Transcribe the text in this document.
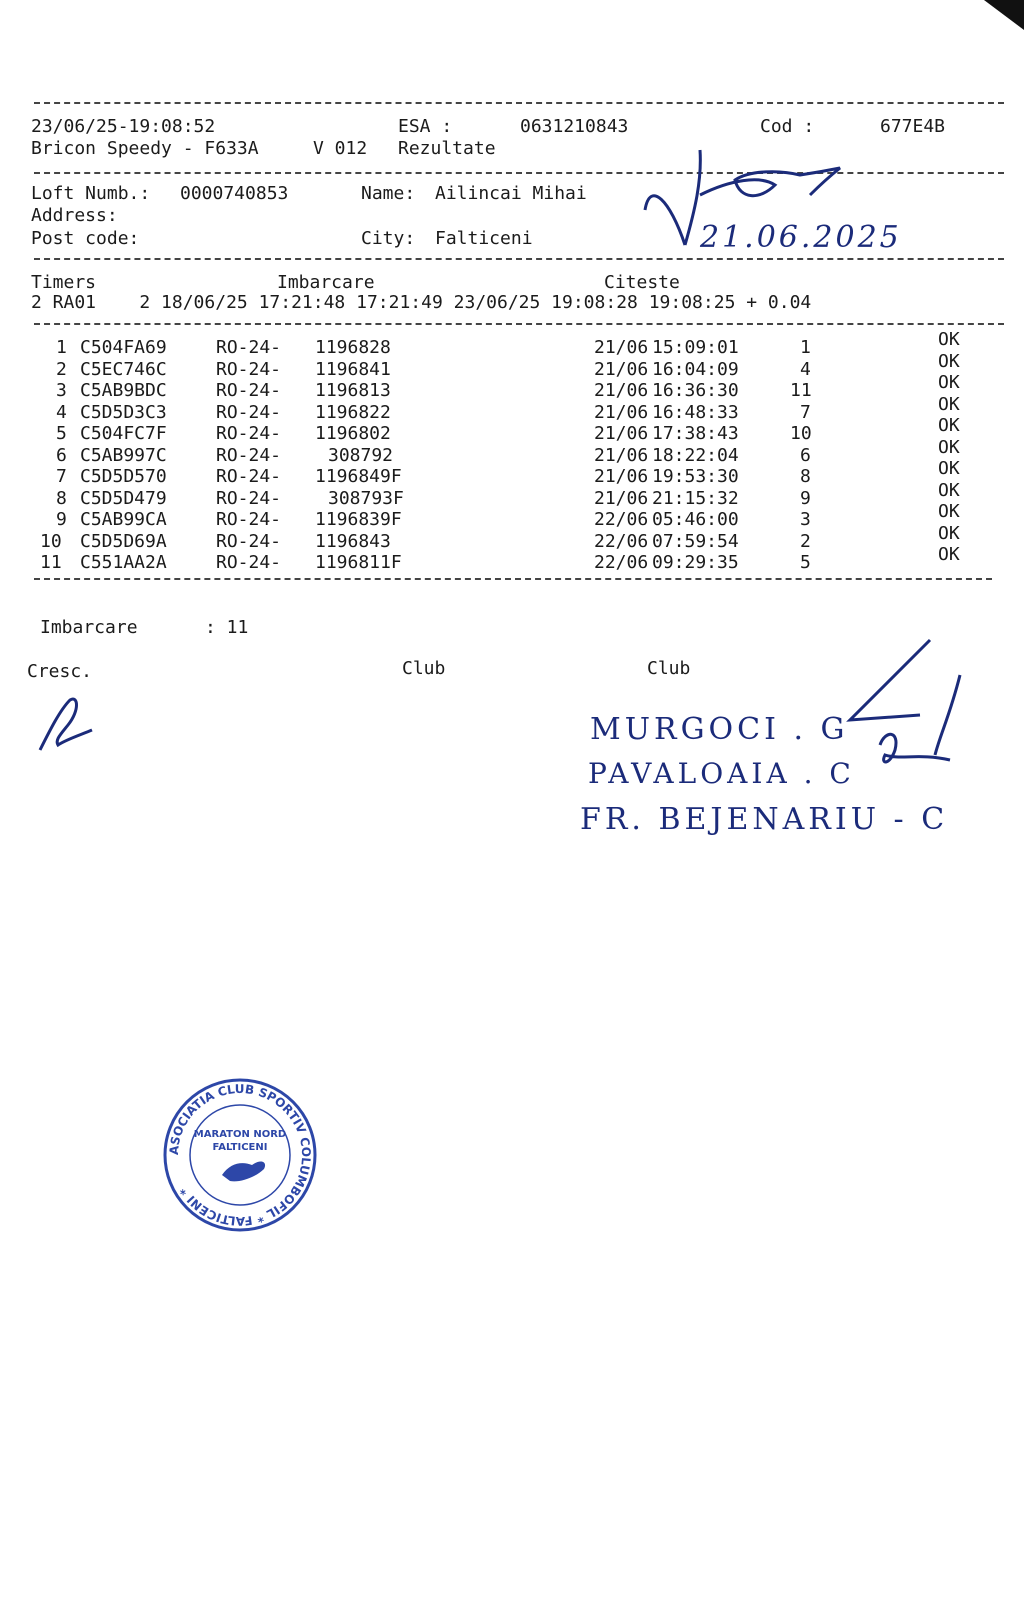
23/06/25-19:08:52	ESA :	0631210843	Cod :	677E4B
Bricon Speedy - F633A	V 012 Rezultate
Loft Numb.: 0000740853	Name: Ailincai Mihai
Address:
Post code:	City: Falticeni
Timers	Imbarcare	Citeste
2 RA01    2 18/06/25 17:21:48 17:21:49 23/06/25 19:08:28 19:08:25 + 0.04
1 C504FA69	RO-24- 1196828	21/06 15:09:01	1	OK
2 C5EC746C	RO-24- 1196841	21/06 16:04:09	4	OK
3 C5AB9BDC	RO-24- 1196813	21/06 16:36:30	11	OK
4 C5D5D3C3	RO-24- 1196822	21/06 16:48:33	7	OK
5 C504FC7F	RO-24- 1196802	21/06 17:38:43	10	OK
6 C5AB997C	RO-24-	308792	21/06 18:22:04	6	OK
7 C5D5D570	RO-24- 1196849F	21/06 19:53:30	8	OK
8 C5D5D479	RO-24-	308793F	21/06 21:15:32	9	OK
9 C5AB99CA	RO-24- 1196839F	22/06 05:46:00	3	OK
10 C5D5D69A	RO-24- 1196843	22/06 07:59:54	2	OK
11 C551AA2A	RO-24- 1196811F	22/06 09:29:35	5	OK
Imbarcare	: 11
Cresc.	Club	Club
21.06.2025
MURGOCI . G
PAVALOAIA . C
FR. BEJENARIU - C
ASOCIATIA CLUB SPORTIV COLUMBOFIL * FALTICENI *
MARATON NORD
FALTICENI
